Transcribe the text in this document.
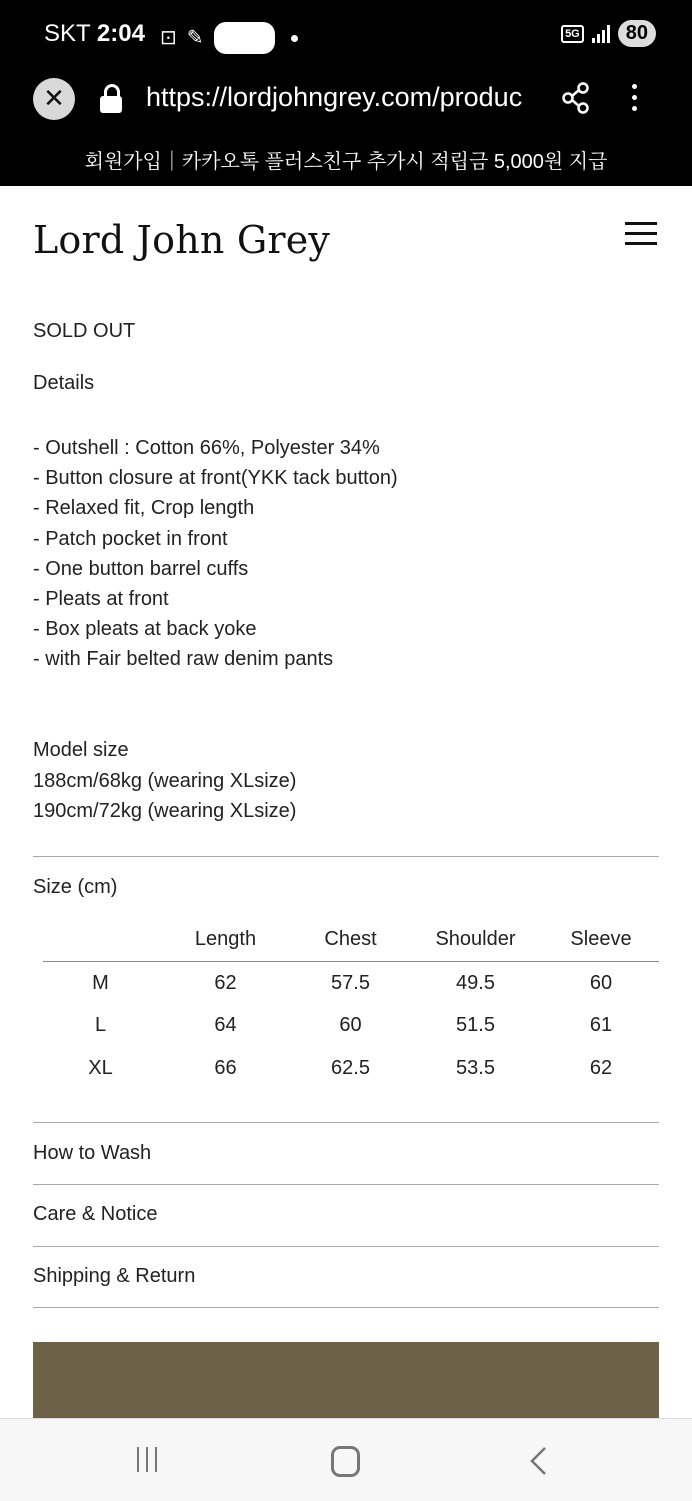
SKT 2:04 ⊡ ✎ TALK	5G	80
✕	https://lordjohngrey.com/produc
회원가입｜카카오톡 플러스친구 추가시 적립금 5,000원 지급
Lord John Grey
SOLD OUT
Details
- Outshell : Cotton 66%, Polyester 34%
- Button closure at front(YKK tack button)
- Relaxed fit, Crop length
- Patch pocket in front
- One button barrel cuffs
- Pleats at front
- Box pleats at back yoke
- with Fair belted raw denim pants
Model size
188cm/68kg (wearing XLsize)
190cm/72kg (wearing XLsize)
Size (cm)
	Length	Chest	Shoulder	Sleeve
M	62	57.5	49.5	60
L	64	60	51.5	61
XL	66	62.5	53.5	62
How to Wash
Care & Notice
Shipping & Return
